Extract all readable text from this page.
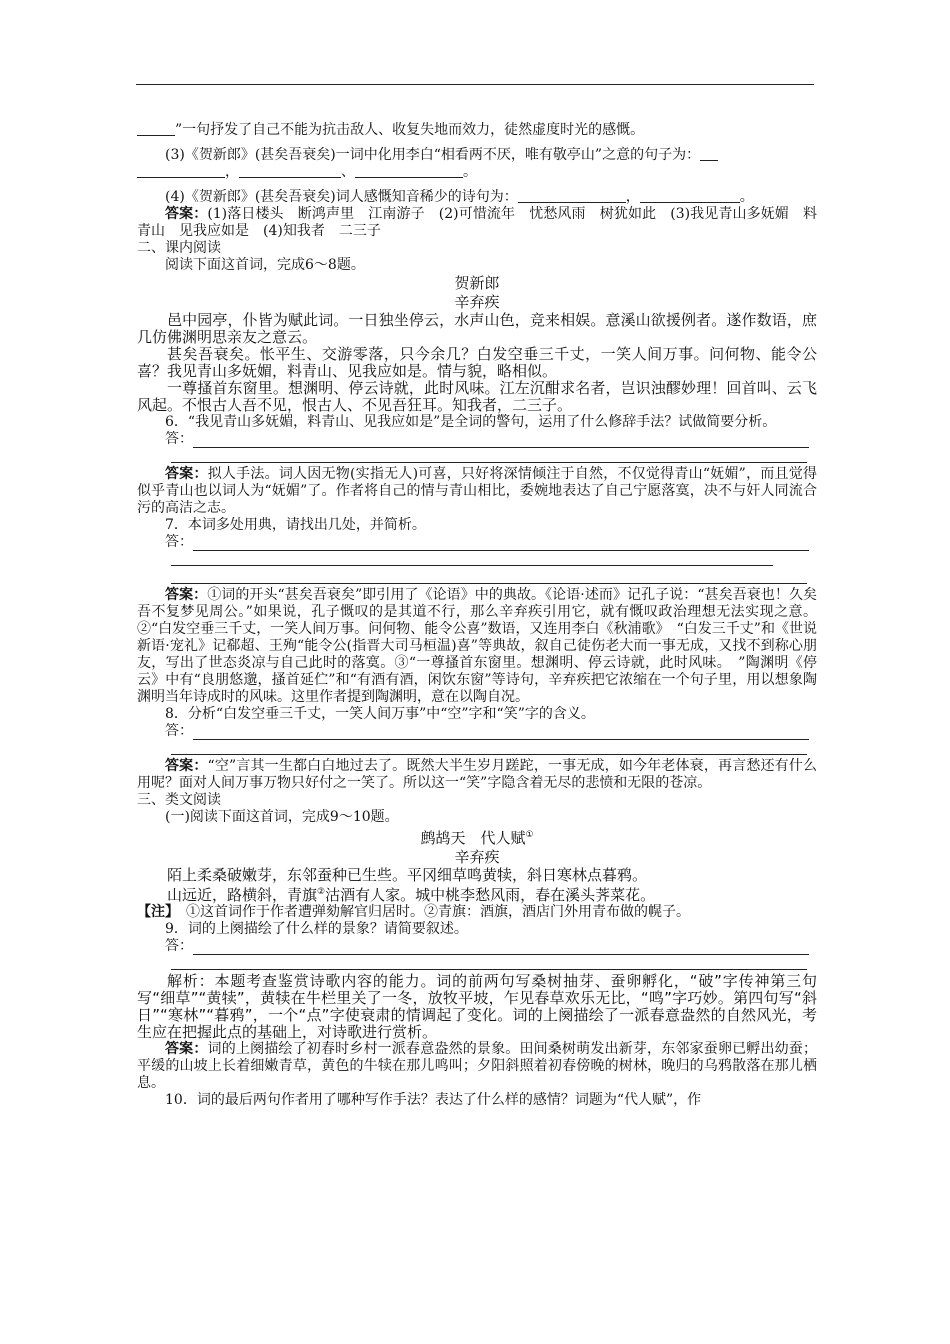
”一句抒发了自己不能为抗击敌人、收复失地而效力，徒然虚度时光的感慨。

(3)《贺新郎》(甚矣吾衰矣)一词中化用李白“相看两不厌，唯有敬亭山”之意的句子为：
，	、	。

(4)《贺新郎》(甚矣吾衰矣)词人感慨知音稀少的诗句为：	，	。

答案：(1)落日楼头　断鸿声里　江南游子　(2)可惜流年　忧愁风雨　树犹如此　(3)我见青山多妩媚　料青山　见我应如是　(4)知我者　二三子

二、课内阅读

阅读下面这首词，完成6～8题。

贺新郎

辛弃疾

邑中园亭，仆皆为赋此词。一日独坐停云，水声山色，竞来相娱。意溪山欲援例者。遂作数语，庶几仿佛渊明思亲友之意云。

甚矣吾衰矣。怅平生、交游零落，只今余几？白发空垂三千丈，一笑人间万事。问何物、能令公喜？我见青山多妩媚，料青山、见我应如是。情与貌，略相似。

一尊搔首东窗里。想渊明、停云诗就，此时风味。江左沉酣求名者，岂识浊醪妙理！回首叫、云飞风起。不恨古人吾不见，恨古人、不见吾狂耳。知我者，二三子。

6．“我见青山多妩媚，料青山、见我应如是”是全词的警句，运用了什么修辞手法？试做简要分析。

答：

答案：拟人手法。词人因无物(实指无人)可喜，只好将深情倾注于自然，不仅觉得青山“妩媚”，而且觉得似乎青山也以词人为“妩媚”了。作者将自己的情与青山相比，委婉地表达了自己宁愿落寞，决不与奸人同流合污的高洁之志。

7．本词多处用典，请找出几处，并简析。

答：

答案：①词的开头“甚矣吾衰矣”即引用了《论语》中的典故。《论语·述而》记孔子说：“甚矣吾衰也！久矣吾不复梦见周公。”如果说，孔子慨叹的是其道不行，那么辛弃疾引用它，就有慨叹政治理想无法实现之意。②“白发空垂三千丈，一笑人间万事。问何物、能令公喜”数语，又连用李白《秋浦歌》　“白发三千丈”和《世说新语·宠礼》记郗超、王殉“能令公(指晋大司马桓温)喜”等典故，叙自己徒伤老大而一事无成，又找不到称心朋友，写出了世态炎凉与自己此时的落寞。③“一尊搔首东窗里。想渊明、停云诗就，此时风味。　”陶渊明《停云》中有“良朋悠邈，搔首延伫”和“有酒有酒，闲饮东窗”等诗句，辛弃疾把它浓缩在一个句子里，用以想象陶渊明当年诗成时的风味。这里作者提到陶渊明，意在以陶自况。

8．分析“白发空垂三千丈，一笑人间万事”中“空”字和“笑”字的含义。

答：

答案：“空”言其一生都白白地过去了。既然大半生岁月蹉跎，一事无成，如今年老体衰，再言愁还有什么用呢？面对人间万事万物只好付之一笑了。所以这一“笑”字隐含着无尽的悲愤和无限的苍凉。

三、类文阅读

(一)阅读下面这首词，完成9～10题。

鹧鸪天　代人赋①

辛弃疾

陌上柔桑破嫩芽，东邻蚕种已生些。平冈细草鸣黄犊，斜日寒林点暮鸦。

山远近，路横斜，青旗②沽酒有人家。城中桃李愁风雨，春在溪头荠菜花。

【注】　①这首词作于作者遭弹劾解官归居时。②青旗：酒旗，酒店门外用青布做的幌子。

9．词的上阕描绘了什么样的景象？请简要叙述。

答：

解析：本题考查鉴赏诗歌内容的能力。词的前两句写桑树抽芽、蚕卵孵化，“破”字传神第三句写“细草”“黄犊”，黄犊在牛栏里关了一冬，放牧平坡，乍见春草欢乐无比，“鸣”字巧妙。第四句写“斜日”“寒林”“暮鸦”，一个“点”字使衰肃的情调起了变化。词的上阕描绘了一派春意盎然的自然风光，考生应在把握此点的基础上，对诗歌进行赏析。

答案：词的上阕描绘了初春时乡村一派春意盎然的景象。田间桑树萌发出新芽，东邻家蚕卵已孵出幼蚕；平缓的山坡上长着细嫩青草，黄色的牛犊在那儿鸣叫；夕阳斜照着初春傍晚的树林，晚归的乌鸦散落在那儿栖息。

10．词的最后两句作者用了哪种写作手法？表达了什么样的感情？词题为“代人赋”，作
